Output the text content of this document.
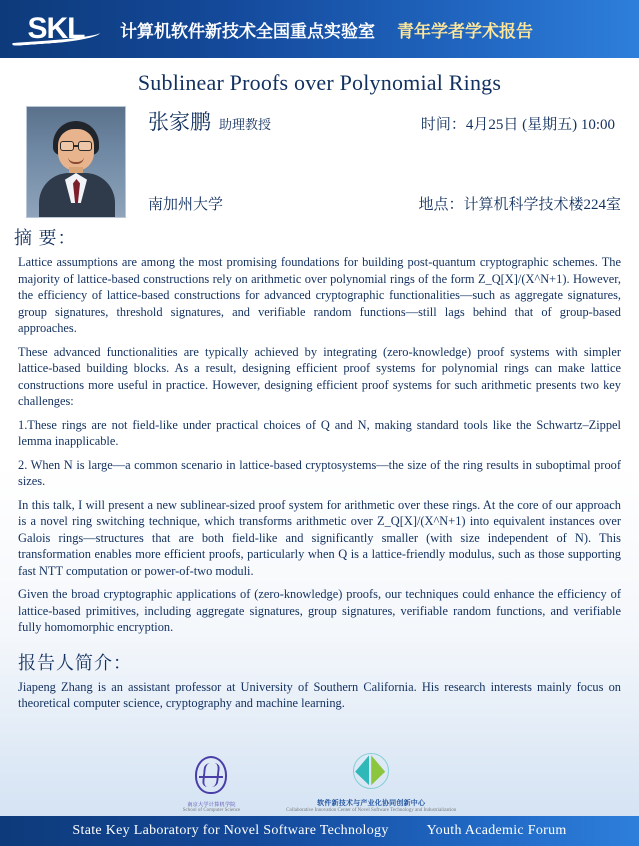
SKL 计算机软件新技术全国重点实验室 青年学者学术报告
Sublinear Proofs over Polynomial Rings
张家鹏 助理教授	时间：4月25日 (星期五) 10:00
南加州大学	地点：计算机科学技术楼224室
摘 要：

Lattice assumptions are among the most promising foundations for building post-quantum cryptographic schemes. The majority of lattice-based constructions rely on arithmetic over polynomial rings of the form Z_Q[X]/(X^N+1). However, the efficiency of lattice-based constructions for advanced cryptographic functionalities—such as aggregate signatures, group signatures, threshold signatures, and verifiable random functions—still lags behind that of group-based approaches.

These advanced functionalities are typically achieved by integrating (zero-knowledge) proof systems with simpler lattice-based building blocks. As a result, designing efficient proof systems for polynomial rings can make lattice constructions more useful in practice. However, designing efficient proof systems for such arithmetic presents two key challenges:

1.These rings are not field-like under practical choices of Q and N, making standard tools like the Schwartz–Zippel lemma inapplicable.

2. When N is large—a common scenario in lattice-based cryptosystems—the size of the ring results in suboptimal proof sizes.

In this talk, I will present a new sublinear-sized proof system for arithmetic over these rings. At the core of our approach is a novel ring switching technique, which transforms arithmetic over Z_Q[X]/(X^N+1) into equivalent instances over Galois rings—structures that are both field-like and significantly smaller (with size independent of N). This transformation enables more efficient proofs, particularly when Q is a lattice-friendly modulus, such as those supporting fast NTT computation or power-of-two moduli.

Given the broad cryptographic applications of (zero-knowledge) proofs, our techniques could enhance the efficiency of lattice-based primitives, including aggregate signatures, group signatures, verifiable random functions, and verifiable fully homomorphic encryption.

报告人简介：

Jiapeng Zhang is an assistant professor at University of Southern California. His research interests mainly focus on theoretical computer science, cryptography and machine learning.

南京大学计算机学院
School of Computer Science
软件新技术与产业化协同创新中心
Collaborative Innovation Center of Novel Software Technology and Industrialization
State Key Laboratory for Novel Software Technology	Youth Academic Forum
